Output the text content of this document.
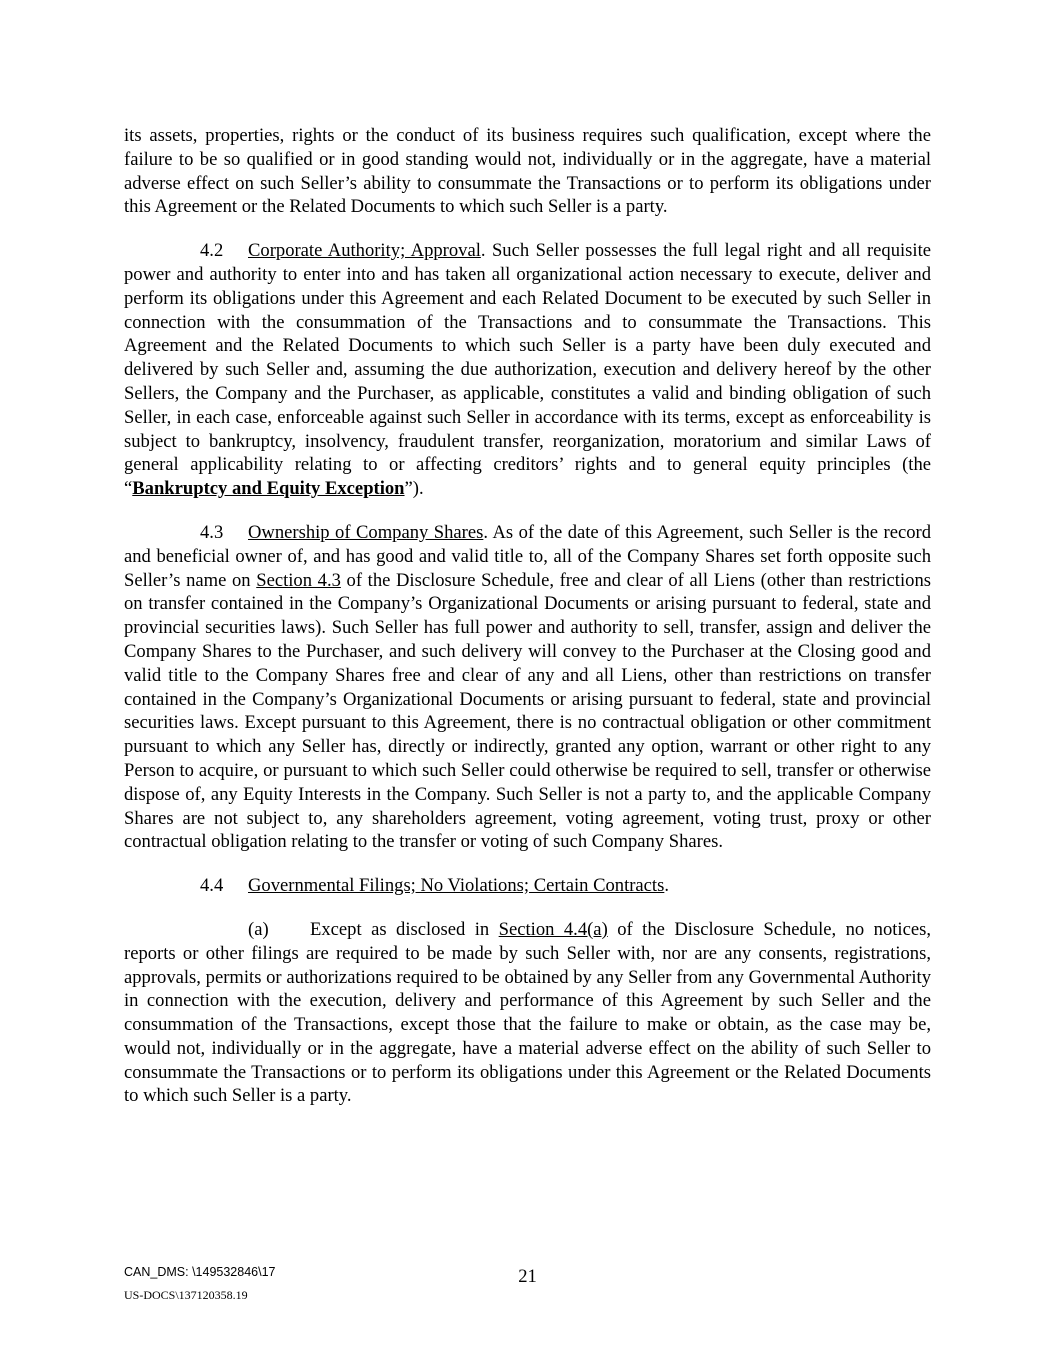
its assets, properties, rights or the conduct of its business requires such qualification, except where the failure to be so qualified or in good standing would not, individually or in the aggregate, have a material adverse effect on such Seller’s ability to consummate the Transactions or to perform its obligations under this Agreement or the Related Documents to which such Seller is a party.

4.2 Corporate Authority; Approval. Such Seller possesses the full legal right and all requisite power and authority to enter into and has taken all organizational action necessary to execute, deliver and perform its obligations under this Agreement and each Related Document to be executed by such Seller in connection with the consummation of the Transactions and to consummate the Transactions. This Agreement and the Related Documents to which such Seller is a party have been duly executed and delivered by such Seller and, assuming the due authorization, execution and delivery hereof by the other Sellers, the Company and the Purchaser, as applicable, constitutes a valid and binding obligation of such Seller, in each case, enforceable against such Seller in accordance with its terms, except as enforceability is subject to bankruptcy, insolvency, fraudulent transfer, reorganization, moratorium and similar Laws of general applicability relating to or affecting creditors’ rights and to general equity principles (the “Bankruptcy and Equity Exception”).

4.3 Ownership of Company Shares. As of the date of this Agreement, such Seller is the record and beneficial owner of, and has good and valid title to, all of the Company Shares set forth opposite such Seller’s name on Section 4.3 of the Disclosure Schedule, free and clear of all Liens (other than restrictions on transfer contained in the Company’s Organizational Documents or arising pursuant to federal, state and provincial securities laws). Such Seller has full power and authority to sell, transfer, assign and deliver the Company Shares to the Purchaser, and such delivery will convey to the Purchaser at the Closing good and valid title to the Company Shares free and clear of any and all Liens, other than restrictions on transfer contained in the Company’s Organizational Documents or arising pursuant to federal, state and provincial securities laws. Except pursuant to this Agreement, there is no contractual obligation or other commitment pursuant to which any Seller has, directly or indirectly, granted any option, warrant or other right to any Person to acquire, or pursuant to which such Seller could otherwise be required to sell, transfer or otherwise dispose of, any Equity Interests in the Company. Such Seller is not a party to, and the applicable Company Shares are not subject to, any shareholders agreement, voting agreement, voting trust, proxy or other contractual obligation relating to the transfer or voting of such Company Shares.

4.4 Governmental Filings; No Violations; Certain Contracts.

(a) Except as disclosed in Section 4.4(a) of the Disclosure Schedule, no notices, reports or other filings are required to be made by such Seller with, nor are any consents, registrations, approvals, permits or authorizations required to be obtained by any Seller from any Governmental Authority in connection with the execution, delivery and performance of this Agreement by such Seller and the consummation of the Transactions, except those that the failure to make or obtain, as the case may be, would not, individually or in the aggregate, have a material adverse effect on the ability of such Seller to consummate the Transactions or to perform its obligations under this Agreement or the Related Documents to which such Seller is a party.

CAN_DMS: \149532846\17
US-DOCS\137120358.19
21
